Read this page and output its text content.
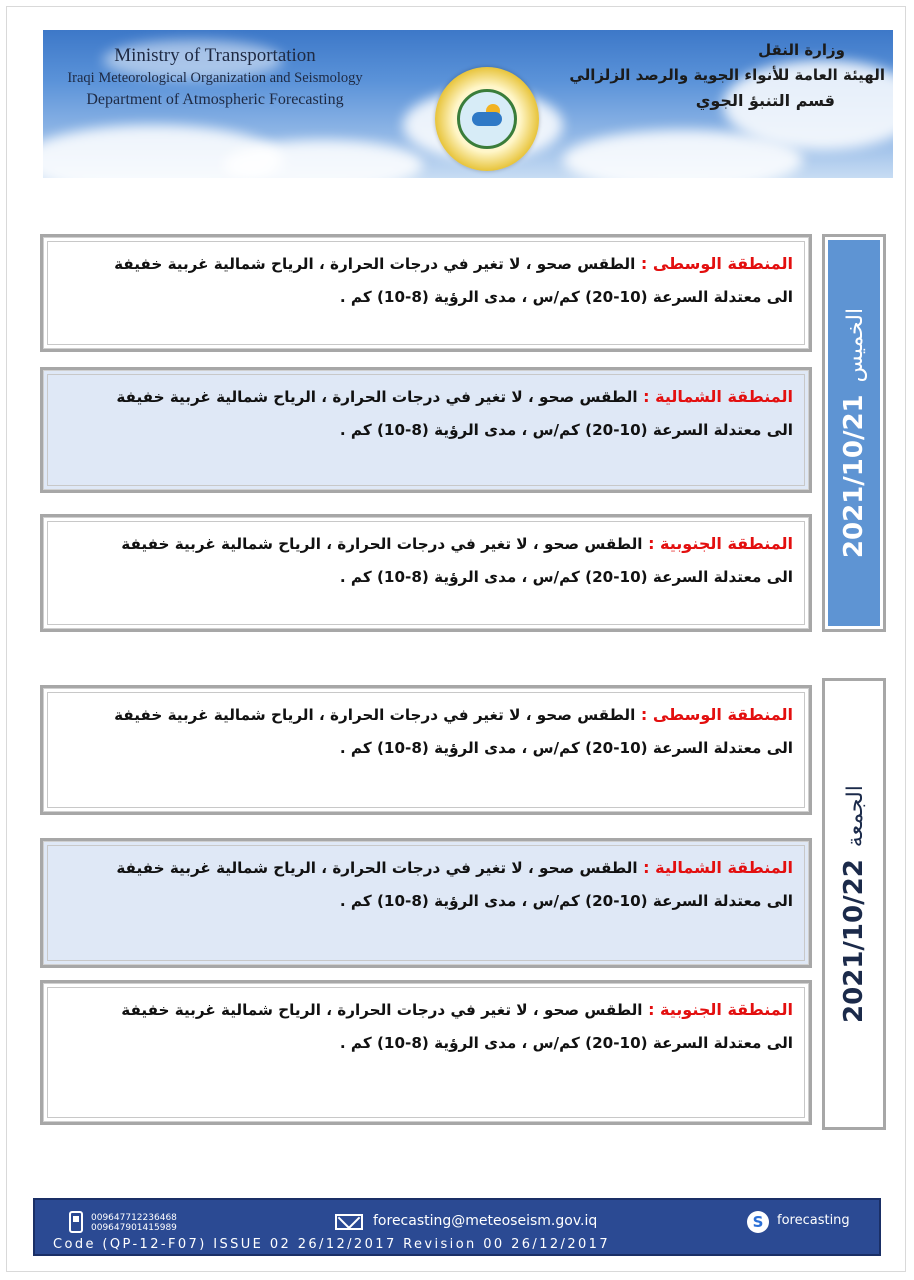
Ministry of Transportation
Iraqi Meteorological Organization and Seismology
Department of Atmospheric Forecasting
وزارة النقل
الهيئة العامة للأنواء الجوية والرصد الزلزالي
قسم التنبؤ الجوي
المنطقة الوسطى : الطقس صحو ، لا تغير في درجات الحرارة ، الرياح شمالية غربية خفيفة
الى معتدلة السرعة (10-20) كم/س ، مدى الرؤية (8-10) كم .
المنطقة الشمالية : الطقس صحو ، لا تغير في درجات الحرارة ، الرياح شمالية غربية خفيفة
الى معتدلة السرعة (10-20) كم/س ، مدى الرؤية (8-10) كم .
المنطقة الجنوبية : الطقس صحو ، لا تغير في درجات الحرارة ، الرياح شمالية غربية خفيفة
الى معتدلة السرعة (10-20) كم/س ، مدى الرؤية (8-10) كم .
الخميس2021/10/21
المنطقة الوسطى : الطقس صحو ، لا تغير في درجات الحرارة ، الرياح شمالية غربية خفيفة
الى معتدلة السرعة (10-20) كم/س ، مدى الرؤية (8-10) كم .
المنطقة الشمالية : الطقس صحو ، لا تغير في درجات الحرارة ، الرياح شمالية غربية خفيفة
الى معتدلة السرعة (10-20) كم/س ، مدى الرؤية (8-10) كم .
المنطقة الجنوبية : الطقس صحو ، لا تغير في درجات الحرارة ، الرياح شمالية غربية خفيفة
الى معتدلة السرعة (10-20) كم/س ، مدى الرؤية (8-10) كم .
الجمعة2021/10/22
009647712236468
009647901415989	forecasting@meteoseism.gov.iq	S	forecasting
Code (QP-12-F07) ISSUE 02 26/12/2017 Revision 00 26/12/2017
